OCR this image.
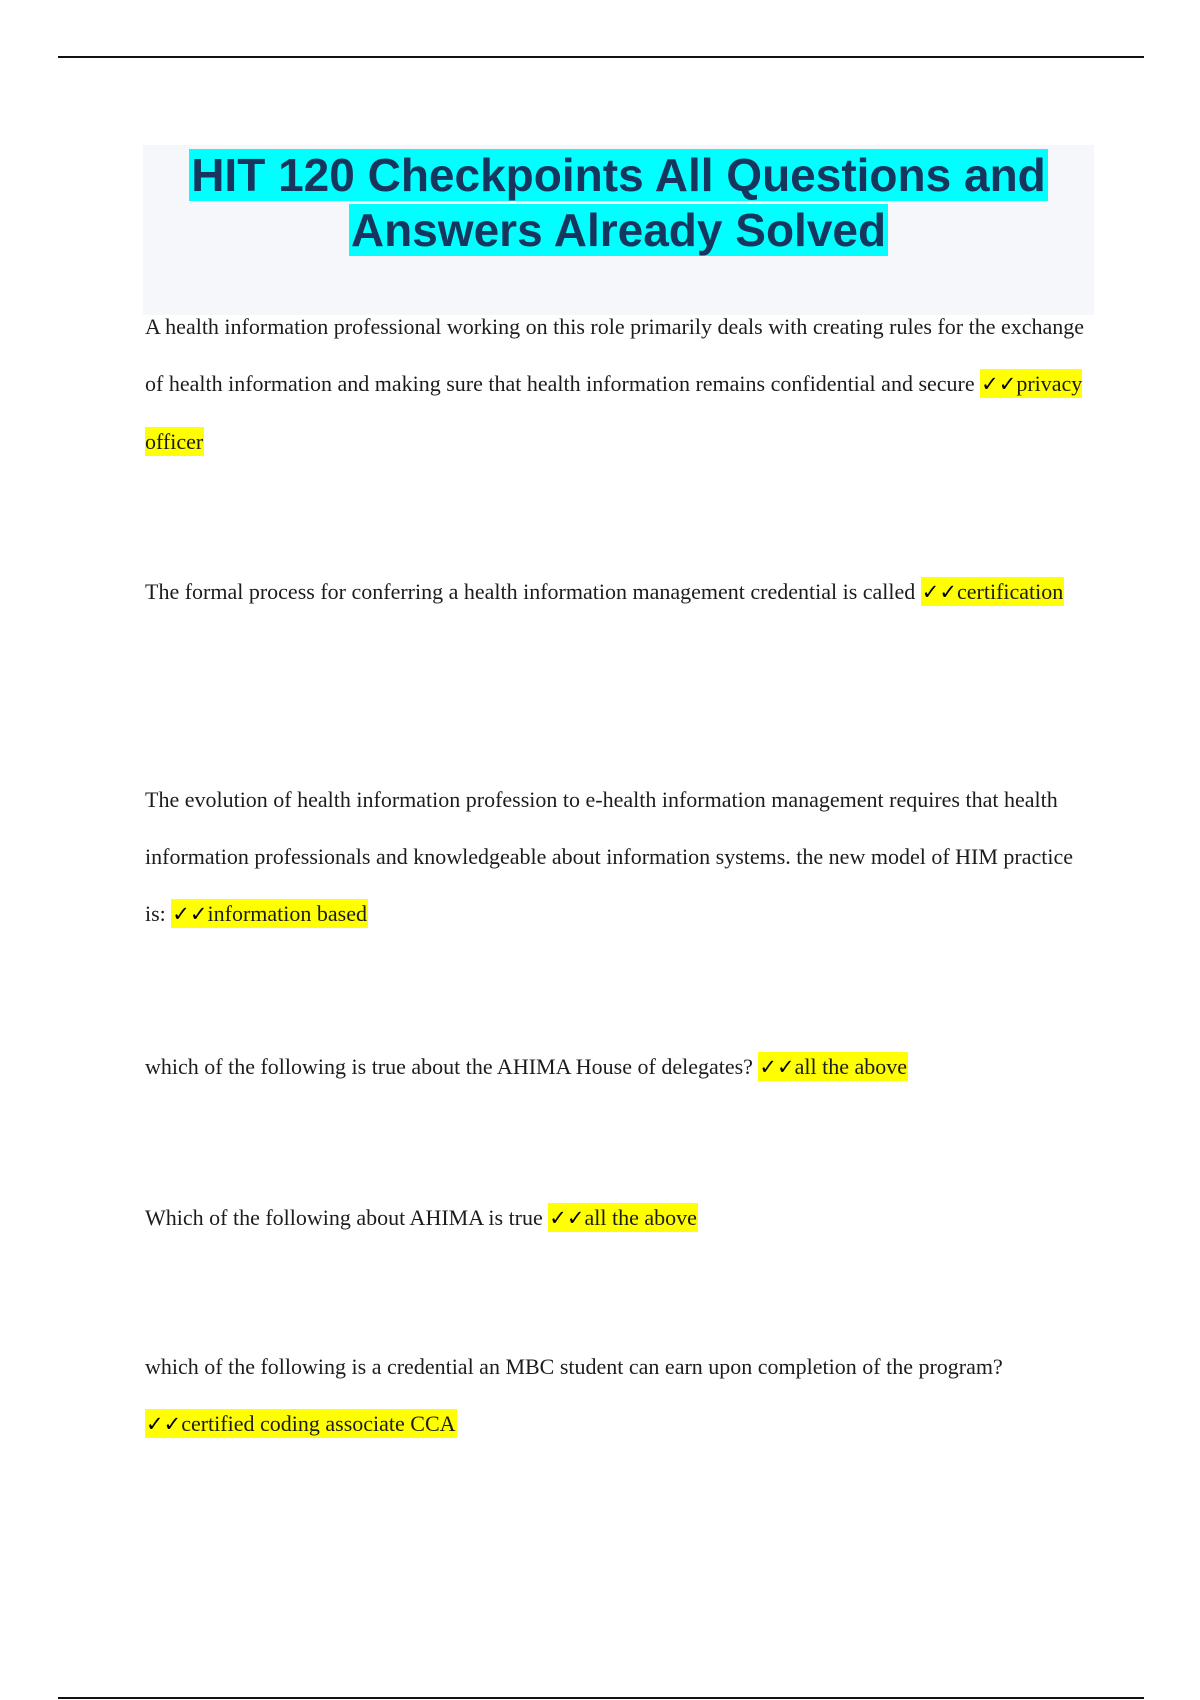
HIT 120 Checkpoints All Questions and
Answers Already Solved

A health information professional working on this role primarily deals with creating rules for the exchange of health information and making sure that health information remains confidential and secure ✓✓privacy officer

The formal process for conferring a health information management credential is called ✓✓certification

The evolution of health information profession to e-health information management requires that health information professionals and knowledgeable about information systems. the new model of HIM practice is: ✓✓information based

which of the following is true about the AHIMA House of delegates? ✓✓all the above

Which of the following about AHIMA is true ✓✓all the above

which of the following is a credential an MBC student can earn upon completion of the program? ✓✓certified coding associate CCA
